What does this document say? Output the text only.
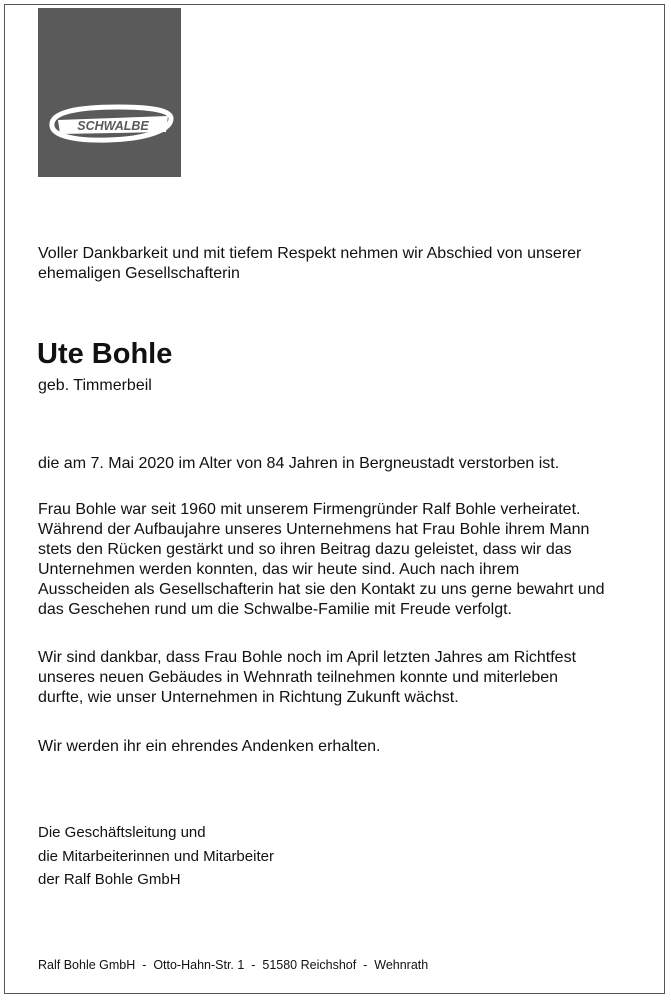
SCHWALBE
Voller Dankbarkeit und mit tiefem Respekt nehmen wir Abschied von unserer
ehemaligen Gesellschafterin
Ute Bohle
geb. Timmerbeil
die am 7. Mai 2020 im Alter von 84 Jahren in Bergneustadt verstorben ist.
Frau Bohle war seit 1960 mit unserem Firmengründer Ralf Bohle verheiratet.
Während der Aufbaujahre unseres Unternehmens hat Frau Bohle ihrem Mann
stets den Rücken gestärkt und so ihren Beitrag dazu geleistet, dass wir das
Unternehmen werden konnten, das wir heute sind. Auch nach ihrem
Ausscheiden als Gesellschafterin hat sie den Kontakt zu uns gerne bewahrt und
das Geschehen rund um die Schwalbe-Familie mit Freude verfolgt.
Wir sind dankbar, dass Frau Bohle noch im April letzten Jahres am Richtfest
unseres neuen Gebäudes in Wehnrath teilnehmen konnte und miterleben
durfte, wie unser Unternehmen in Richtung Zukunft wächst.
Wir werden ihr ein ehrendes Andenken erhalten.
Die Geschäftsleitung und
die Mitarbeiterinnen und Mitarbeiter
der Ralf Bohle GmbH
Ralf Bohle GmbH  -  Otto-Hahn-Str. 1  -  51580 Reichshof  -  Wehnrath
